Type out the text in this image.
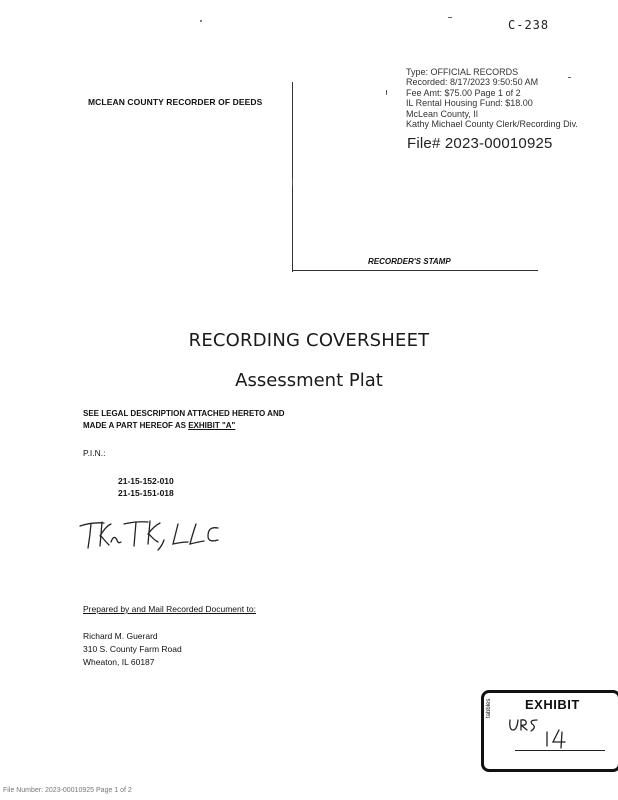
C-238
MCLEAN COUNTY RECORDER OF DEEDS
RECORDER'S STAMP
Type: OFFICIAL RECORDS
Recorded: 8/17/2023 9:50:50 AM
Fee Amt: $75.00 Page 1 of 2
IL Rental Housing Fund: $18.00
McLean County, Il
Kathy Michael County Clerk/Recording Div.
File# 2023-00010925
RECORDING COVERSHEET
Assessment Plat
SEE LEGAL DESCRIPTION ATTACHED HERETO AND
MADE A PART HEREOF AS EXHIBIT "A"
P.I.N.:
21-15-152-010
21-15-151-018
Prepared by and Mail Recorded Document to:
Richard M. Guerard
310 S. County Farm Road
Wheaton, IL 60187
EXHIBIT
tabbles
File Number: 2023-00010925 Page 1 of 2
